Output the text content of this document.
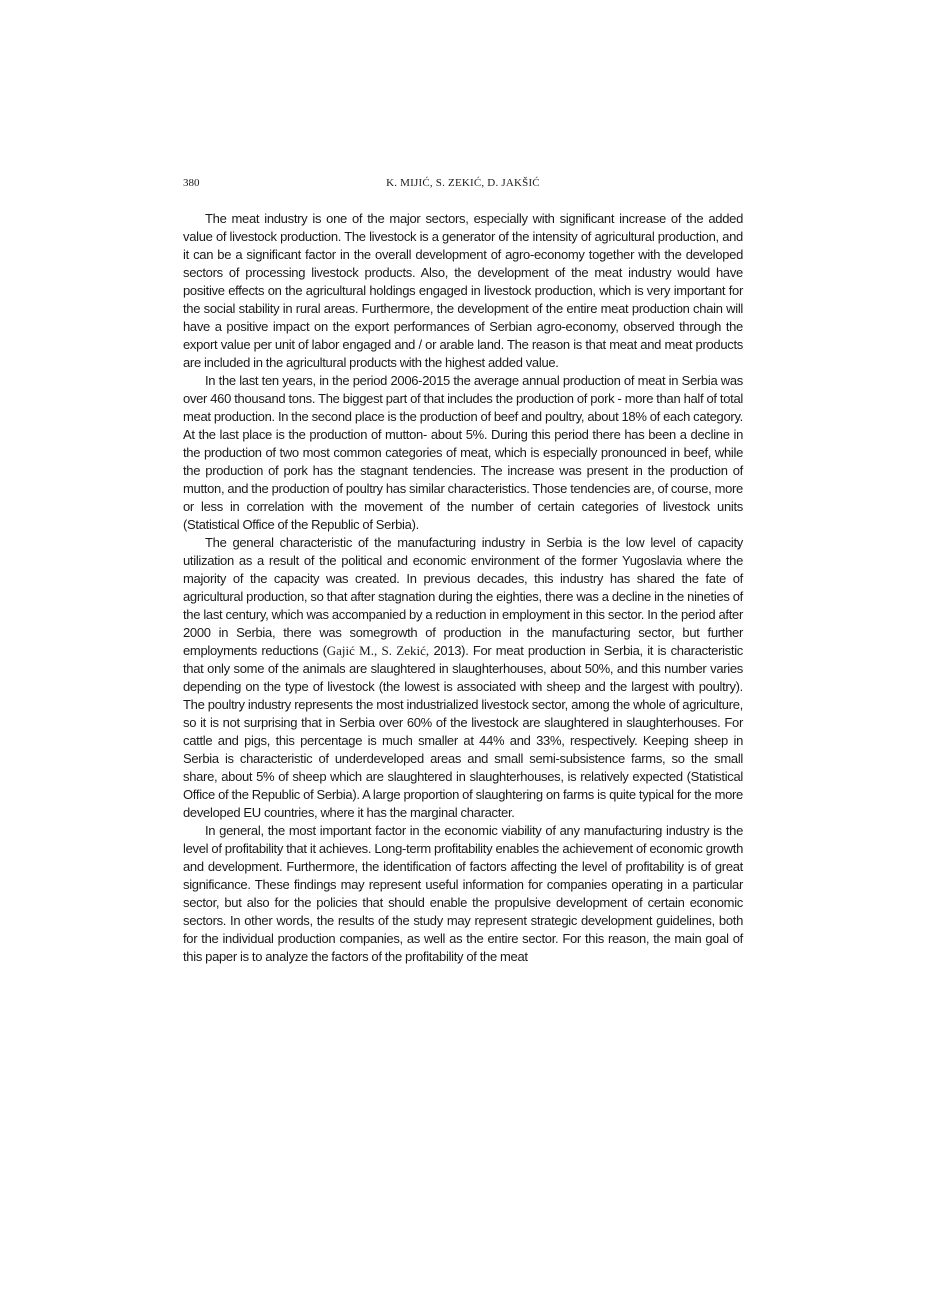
380	K. MIJIĆ, S. ZEKIĆ, D. JAKŠIĆ

The meat industry is one of the major sectors, especially with significant increase of the added value of livestock production. The livestock is a generator of the intensity of agricultural production, and it can be a significant factor in the overall development of agro-economy together with the developed sectors of processing livestock products. Also, the development of the meat industry would have positive effects on the agricultural holdings engaged in livestock production, which is very important for the social stability in rural areas. Furthermore, the development of the entire meat production chain will have a positive impact on the export performances of Serbian agro-economy, observed through the export value per unit of labor engaged and / or arable land. The reason is that meat and meat products are included in the agricultural products with the highest added value.

In the last ten years, in the period 2006-2015 the average annual production of meat in Serbia was over 460 thousand tons. The biggest part of that includes the production of pork - more than half of total meat production. In the second place is the production of beef and poultry, about 18% of each category. At the last place is the production of mutton- about 5%. During this period there has been a decline in the production of two most common categories of meat, which is especially pronounced in beef, while the production of pork has the stagnant tendencies. The increase was present in the production of mutton, and the production of poultry has similar characteristics. Those tendencies are, of course, more or less in correlation with the movement of the number of certain categories of livestock units (Statistical Office of the Republic of Serbia).

The general characteristic of the manufacturing industry in Serbia is the low level of capacity utilization as a result of the political and economic environment of the former Yugoslavia where the majority of the capacity was created. In previous decades, this industry has shared the fate of agricultural production, so that after stagnation during the eighties, there was a decline in the nineties of the last century, which was accompanied by a reduction in employment in this sector. In the period after 2000 in Serbia, there was somegrowth of production in the manufacturing sector, but further employments reductions (Gajić M., S. Zekić, 2013). For meat production in Serbia, it is characteristic that only some of the animals are slaughtered in slaughterhouses, about 50%, and this number varies depending on the type of livestock (the lowest is associated with sheep and the largest with poultry). The poultry industry represents the most industrialized livestock sector, among the whole of agriculture, so it is not surprising that in Serbia over 60% of the livestock are slaughtered in slaughterhouses. For cattle and pigs, this percentage is much smaller at 44% and 33%, respectively. Keeping sheep in Serbia is characteristic of underdeveloped areas and small semi-subsistence farms, so the small share, about 5% of sheep which are slaughtered in slaughterhouses, is relatively expected (Statistical Office of the Republic of Serbia). A large proportion of slaughtering on farms is quite typical for the more developed EU countries, where it has the marginal character.

In general, the most important factor in the economic viability of any manufacturing industry is the level of profitability that it achieves. Long-term profitability enables the achievement of economic growth and development. Furthermore, the identification of factors affecting the level of profitability is of great significance. These findings may represent useful information for companies operating in a particular sector, but also for the policies that should enable the propulsive development of certain economic sectors. In other words, the results of the study may represent strategic development guidelines, both for the individual production companies, as well as the entire sector. For this reason, the main goal of this paper is to analyze the factors of the profitability of the meat
